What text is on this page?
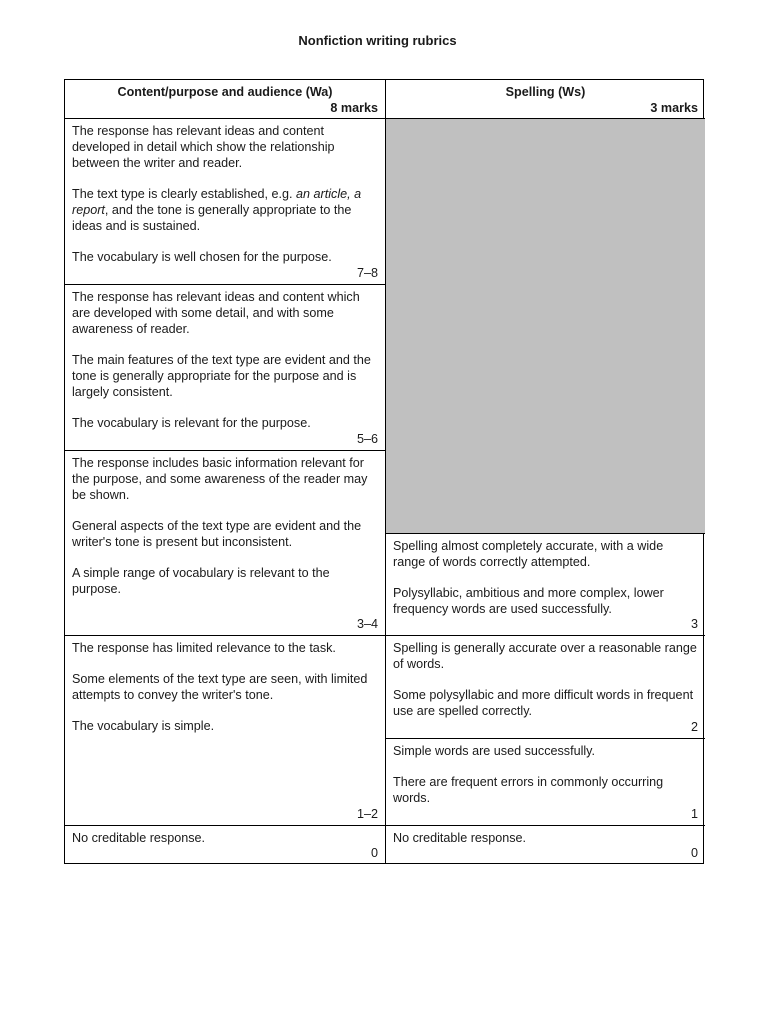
Nonfiction writing rubrics
Content/purpose and audience (Wa)
8 marks
Spelling (Ws)
3 marks

The response has relevant ideas and content developed in detail which show the relationship between the writer and reader.

The text type is clearly established, e.g. an article, a report, and the tone is generally appropriate to the ideas and is sustained.

The vocabulary is well chosen for the purpose.

7–8

The response has relevant ideas and content which are developed with some detail, and with some awareness of reader.

The main features of the text type are evident and the tone is generally appropriate for the purpose and is largely consistent.

The vocabulary is relevant for the purpose.

5–6

The response includes basic information relevant for the purpose, and some awareness of the reader may be shown.

General aspects of the text type are evident and the writer's tone is present but inconsistent.

A simple range of vocabulary is relevant to the purpose.

3–4

The response has limited relevance to the task.

Some elements of the text type are seen, with limited attempts to convey the writer's tone.

The vocabulary is simple.

1–2

No creditable response.

0

Spelling almost completely accurate, with a wide range of words correctly attempted.

Polysyllabic, ambitious and more complex, lower frequency words are used successfully.

3

Spelling is generally accurate over a reasonable range of words.

Some polysyllabic and more difficult words in frequent use are spelled correctly.

2

Simple words are used successfully.

There are frequent errors in commonly occurring words.

1

No creditable response.

0
